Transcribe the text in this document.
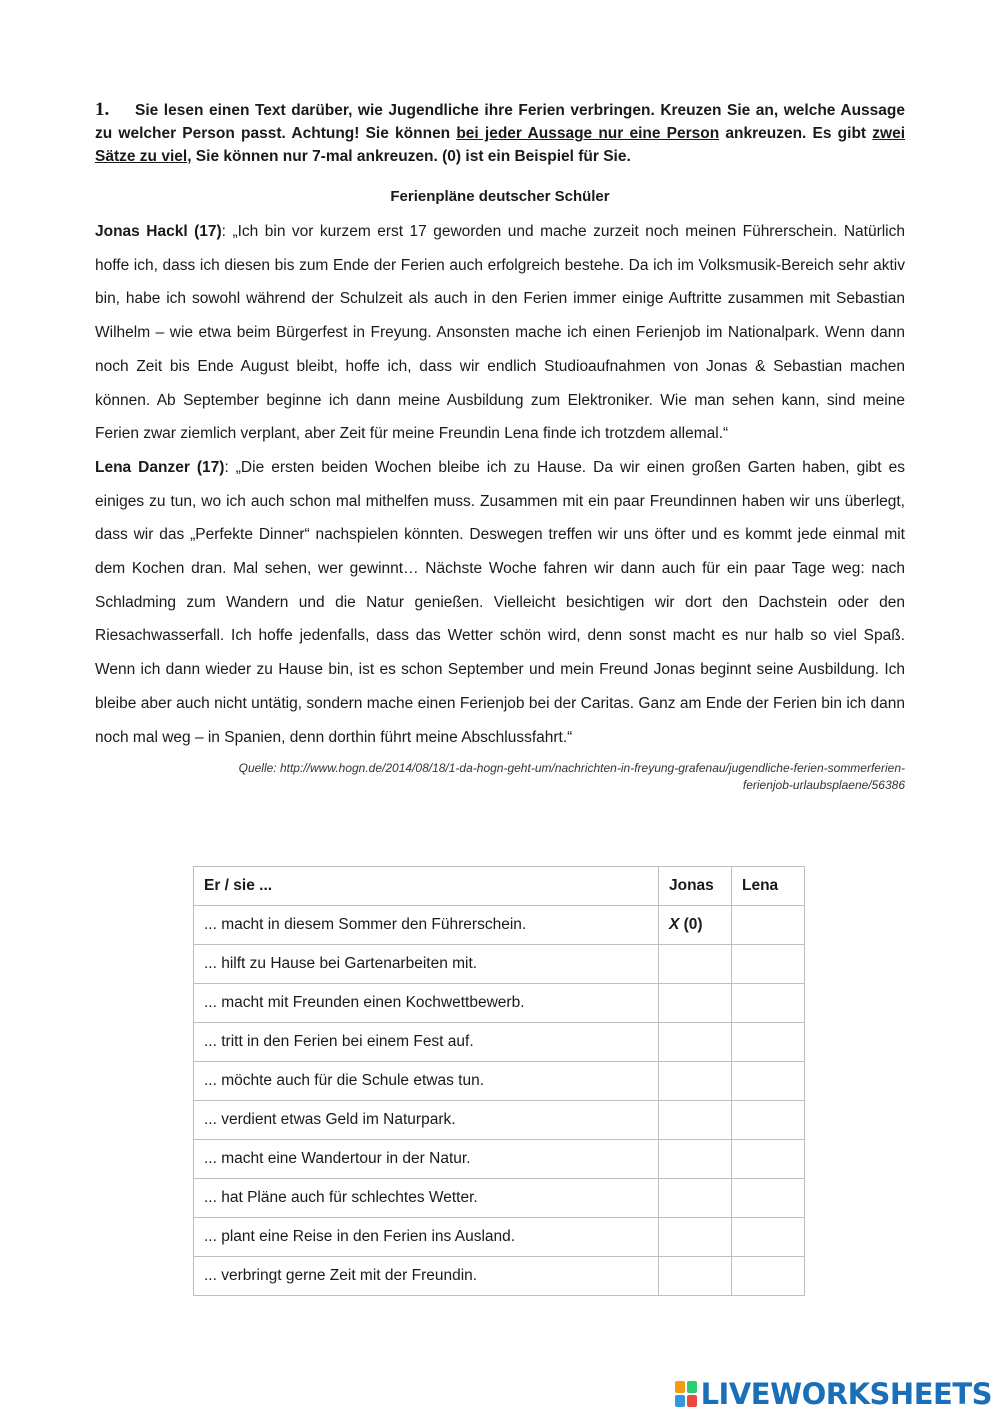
1. Sie lesen einen Text darüber, wie Jugendliche ihre Ferien verbringen. Kreuzen Sie an, welche Aussage zu welcher Person passt. Achtung! Sie können bei jeder Aussage nur eine Person ankreuzen. Es gibt zwei Sätze zu viel, Sie können nur 7-mal ankreuzen. (0) ist ein Beispiel für Sie.

Ferienpläne deutscher Schüler

Jonas Hackl (17): „Ich bin vor kurzem erst 17 geworden und mache zurzeit noch meinen Führerschein. Natürlich hoffe ich, dass ich diesen bis zum Ende der Ferien auch erfolgreich bestehe. Da ich im Volksmusik-Bereich sehr aktiv bin, habe ich sowohl während der Schulzeit als auch in den Ferien immer einige Auftritte zusammen mit Sebastian Wilhelm – wie etwa beim Bürgerfest in Freyung. Ansonsten mache ich einen Ferienjob im Nationalpark. Wenn dann noch Zeit bis Ende August bleibt, hoffe ich, dass wir endlich Studioaufnahmen von Jonas & Sebastian machen können. Ab September beginne ich dann meine Ausbildung zum Elektroniker. Wie man sehen kann, sind meine Ferien zwar ziemlich verplant, aber Zeit für meine Freundin Lena finde ich trotzdem allemal.“

Lena Danzer (17): „Die ersten beiden Wochen bleibe ich zu Hause. Da wir einen großen Garten haben, gibt es einiges zu tun, wo ich auch schon mal mithelfen muss. Zusammen mit ein paar Freundinnen haben wir uns überlegt, dass wir das „Perfekte Dinner“ nachspielen könnten. Deswegen treffen wir uns öfter und es kommt jede einmal mit dem Kochen dran. Mal sehen, wer gewinnt… Nächste Woche fahren wir dann auch für ein paar Tage weg: nach Schladming zum Wandern und die Natur genießen. Vielleicht besichtigen wir dort den Dachstein oder den Riesachwasserfall. Ich hoffe jedenfalls, dass das Wetter schön wird, denn sonst macht es nur halb so viel Spaß. Wenn ich dann wieder zu Hause bin, ist es schon September und mein Freund Jonas beginnt seine Ausbildung. Ich bleibe aber auch nicht untätig, sondern mache einen Ferienjob bei der Caritas. Ganz am Ende der Ferien bin ich dann noch mal weg – in Spanien, denn dorthin führt meine Abschlussfahrt.“

Quelle: http://www.hogn.de/2014/08/18/1-da-hogn-geht-um/nachrichten-in-freyung-grafenau/jugendliche-ferien-sommerferien-
ferienjob-urlaubsplaene/56386
Er / sie ...	Jonas	Lena
... macht in diesem Sommer den Führerschein.	X (0)	
... hilft zu Hause bei Gartenarbeiten mit.		
... macht mit Freunden einen Kochwettbewerb.		
... tritt in den Ferien bei einem Fest auf.		
... möchte auch für die Schule etwas tun.		
... verdient etwas Geld im Naturpark.		
... macht eine Wandertour in der Natur.		
... hat Pläne auch für schlechtes Wetter.		
... plant eine Reise in den Ferien ins Ausland.		
... verbringt gerne Zeit mit der Freundin.		
LIVEWORKSHEETS
